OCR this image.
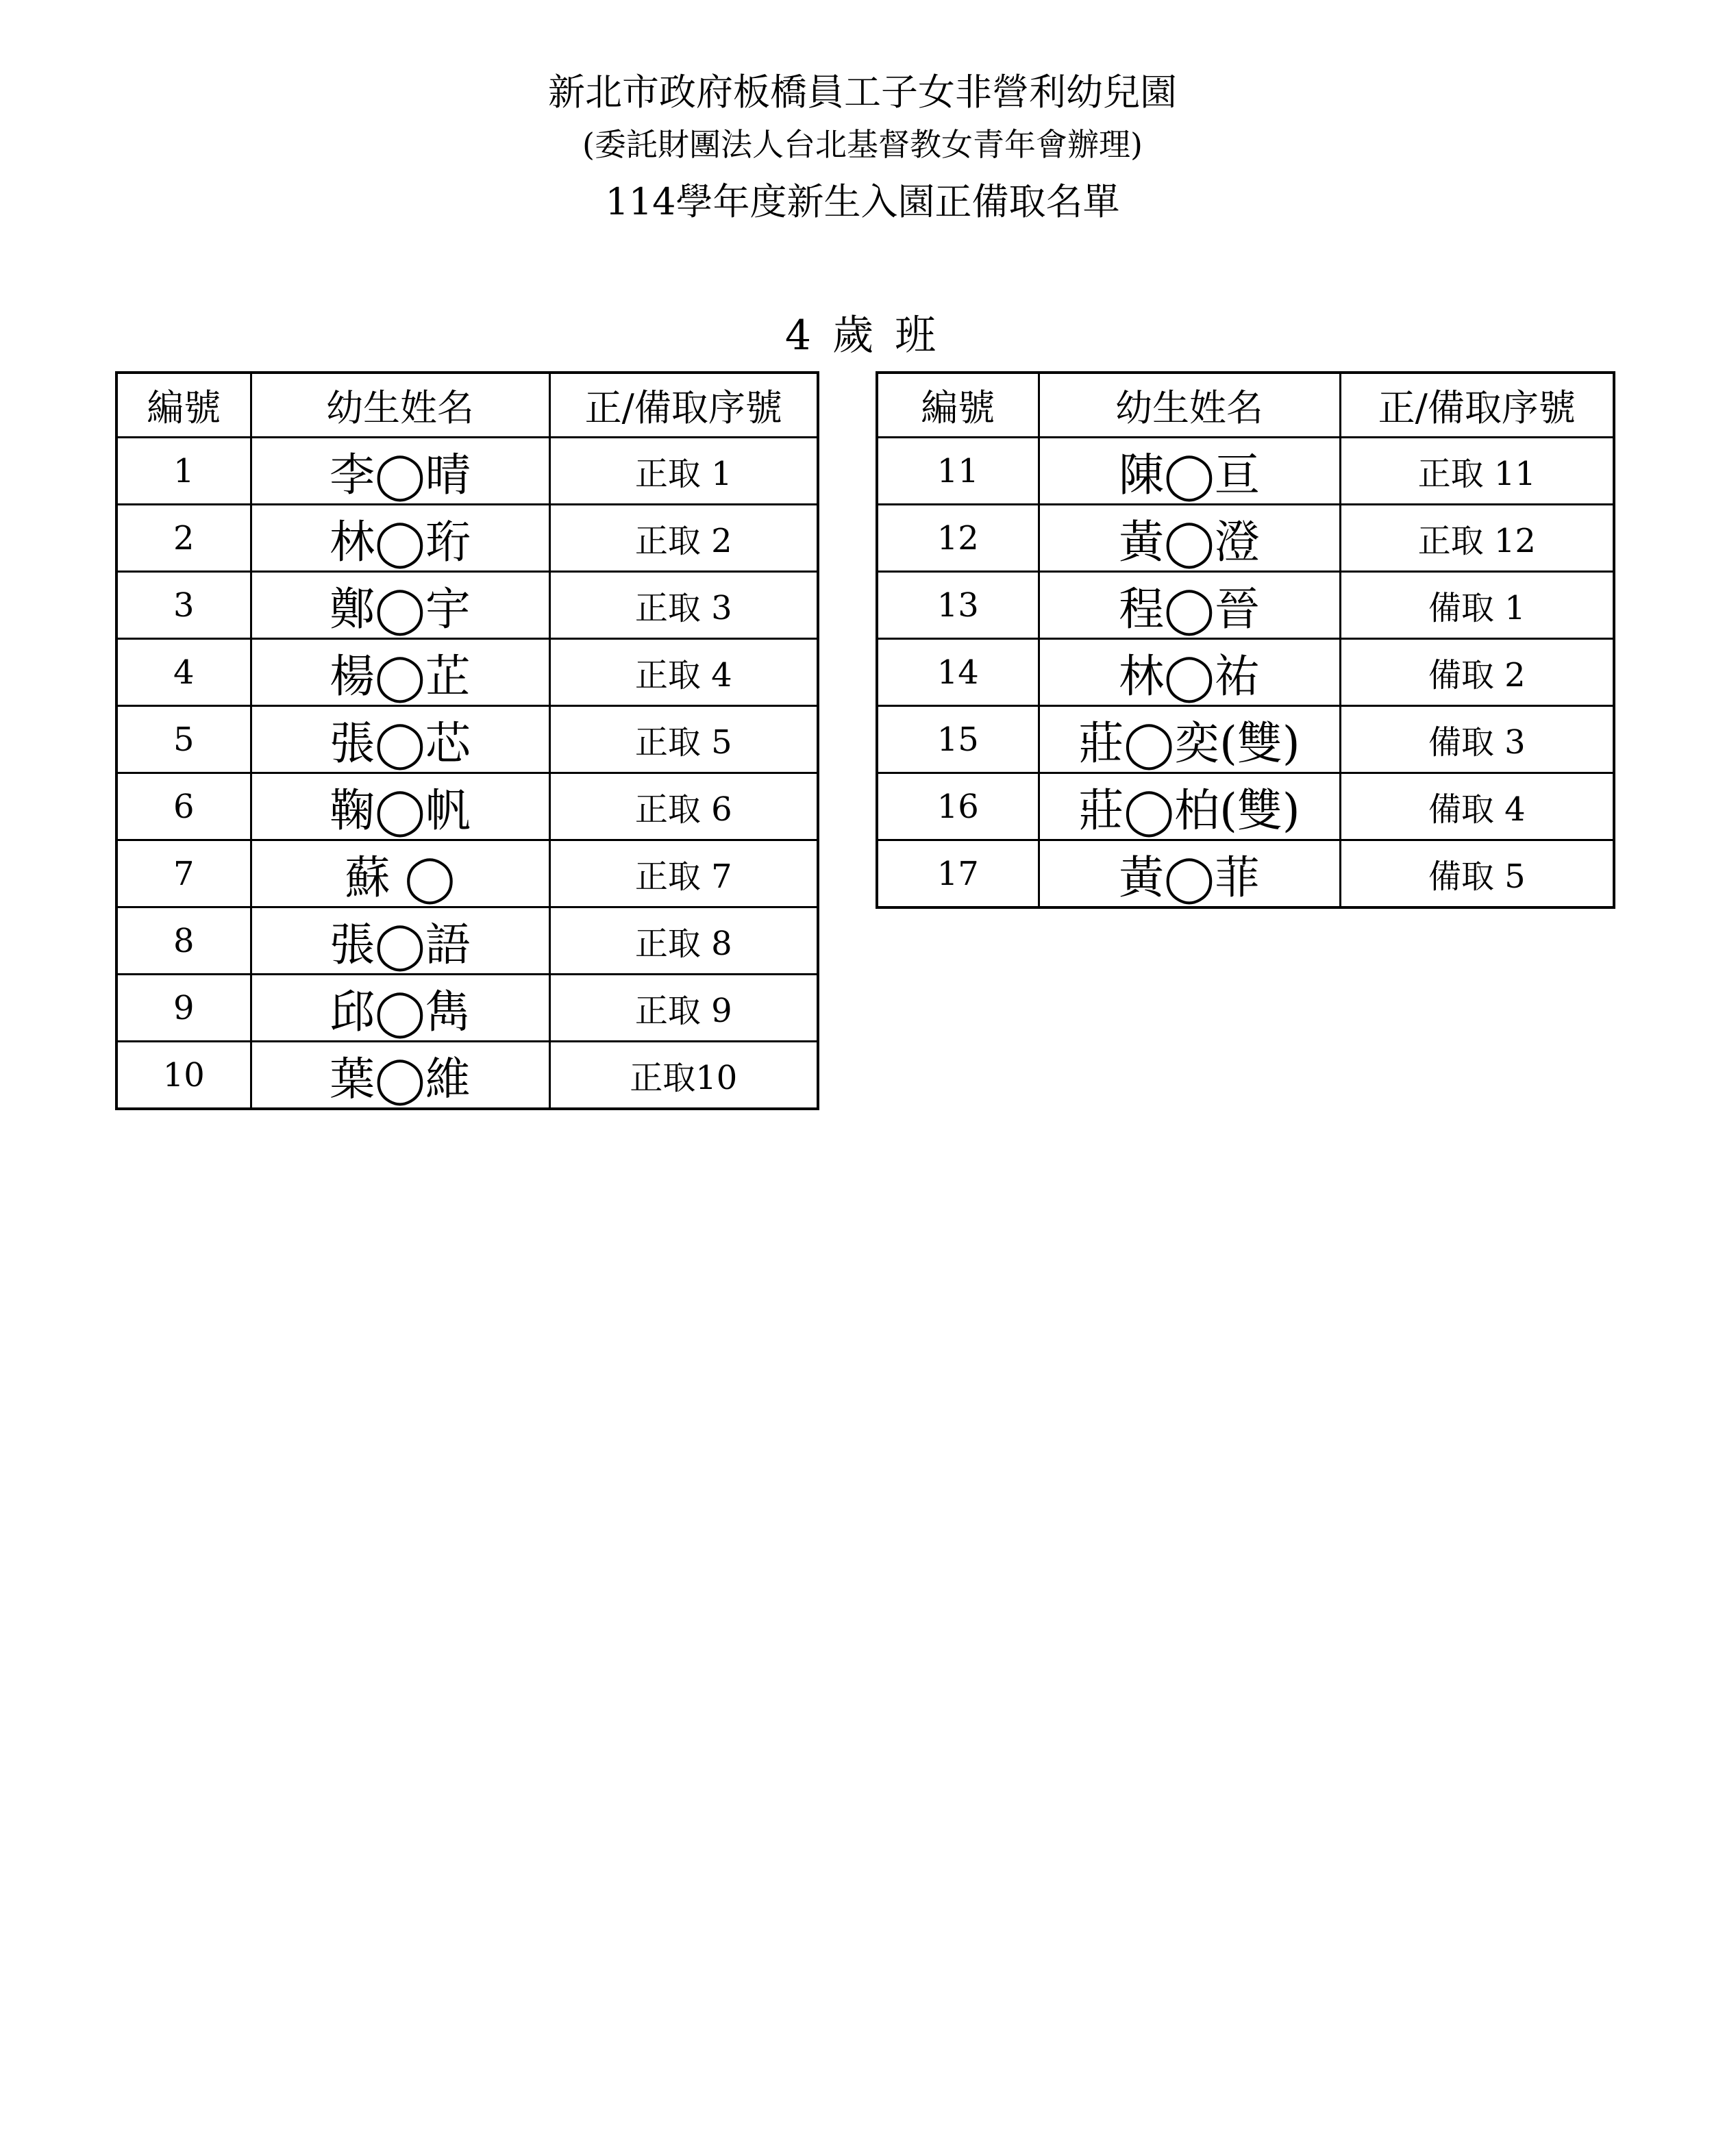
新北市政府板橋員工子女非營利幼兒園
(委託財團法人台北基督教女青年會辦理)
114學年度新生入園正備取名單
4 歲 班
編號	幼生姓名	正/備取序號
1	李◯晴	正取 1
2	林◯珩	正取 2
3	鄭◯宇	正取 3
4	楊◯芷	正取 4
5	張◯芯	正取 5
6	鞠◯帆	正取 6
7	蘇 ◯	正取 7
8	張◯語	正取 8
9	邱◯雋	正取 9
10	葉◯維	正取10
編號	幼生姓名	正/備取序號
11	陳◯亘	正取 11
12	黃◯澄	正取 12
13	程◯晉	備取 1
14	林◯祐	備取 2
15	莊◯奕(雙)	備取 3
16	莊◯柏(雙)	備取 4
17	黃◯菲	備取 5
